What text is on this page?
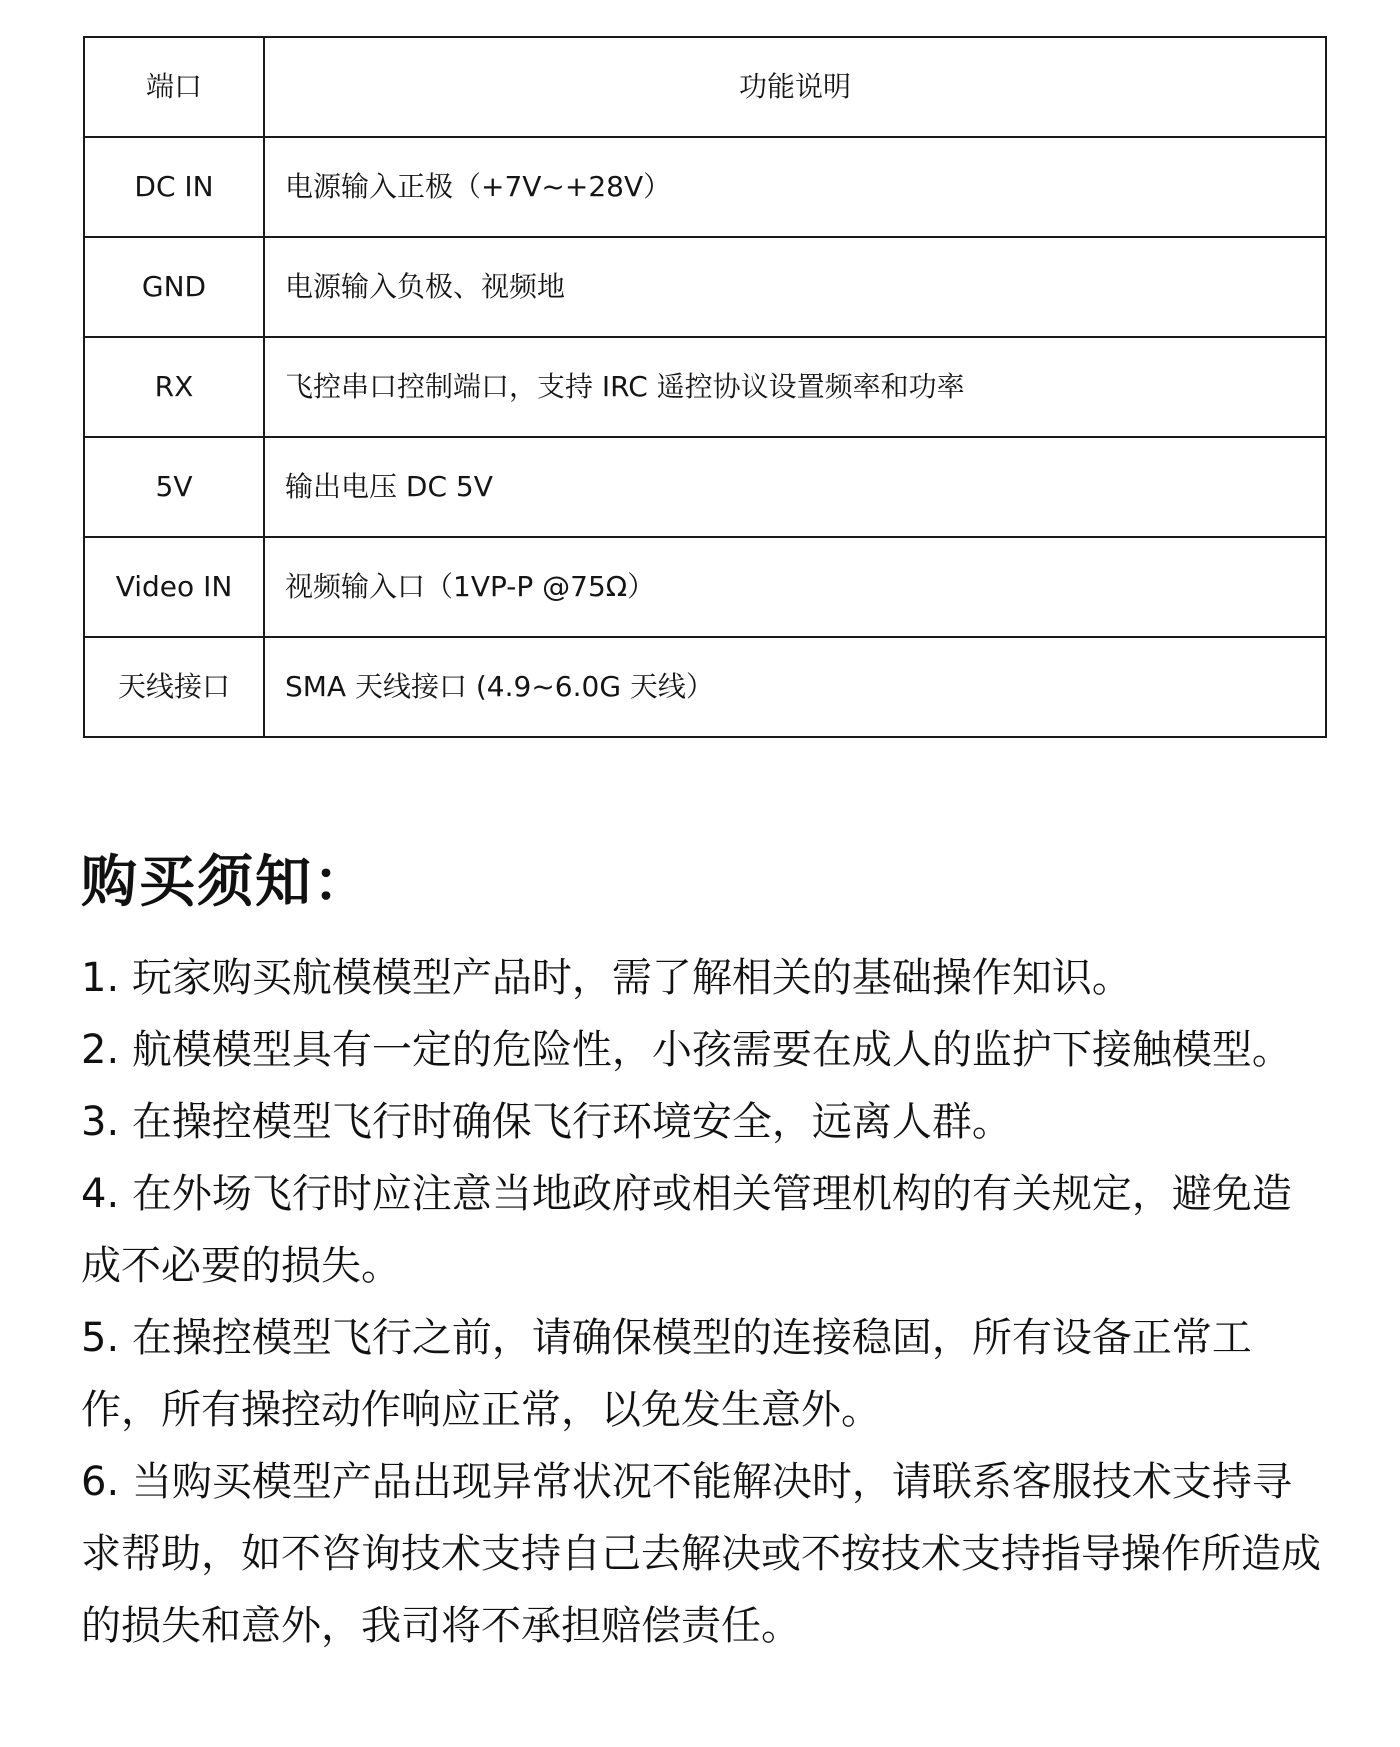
端口	功能说明
DC IN	电源输入正极（+7V~+28V）
GND	电源输入负极、视频地
RX	飞控串口控制端口，支持 IRC 遥控协议设置频率和功率
5V	输出电压 DC 5V
Video IN	视频输入口（1VP-P @75Ω）
天线接口	SMA 天线接口 (4.9~6.0G 天线）
购买须知：
1. 玩家购买航模模型产品时，需了解相关的基础操作知识。
2. 航模模型具有一定的危险性，小孩需要在成人的监护下接触模型。
3. 在操控模型飞行时确保飞行环境安全，远离人群。
4. 在外场飞行时应注意当地政府或相关管理机构的有关规定，避免造成不必要的损失。
5. 在操控模型飞行之前，请确保模型的连接稳固，所有设备正常工作，所有操控动作响应正常，以免发生意外。
6. 当购买模型产品出现异常状况不能解决时，请联系客服技术支持寻求帮助，如不咨询技术支持自己去解决或不按技术支持指导操作所造成的损失和意外，我司将不承担赔偿责任。
